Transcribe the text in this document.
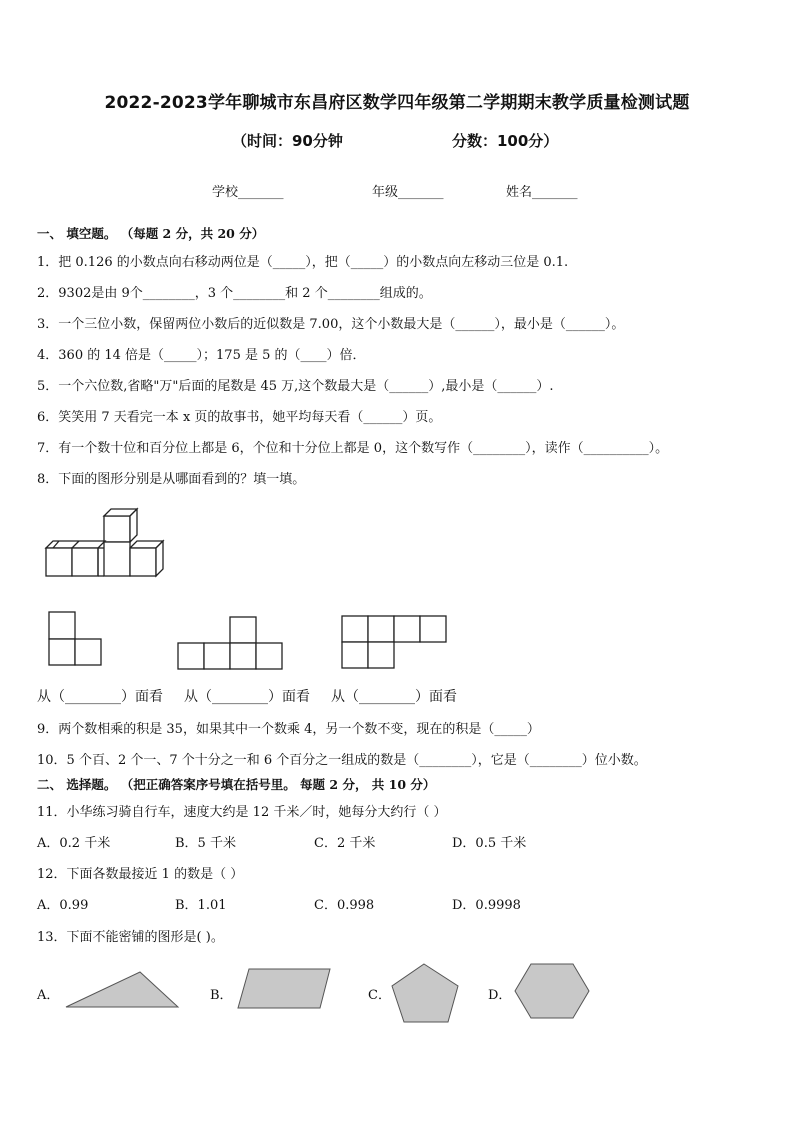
2022-2023学年聊城市东昌府区数学四年级第二学期期末教学质量检测试题
（时间：90分钟	分数：100分）
学校_______	年级_______	姓名_______
一、 填空题。 （每题 2 分，共 20 分）
1．把 0.126 的小数点向右移动两位是（_____），把（_____）的小数点向左移动三位是 0.1.
2．9302是由 9个________，3 个________和 2 个________组成的。
3．一个三位小数，保留两位小数后的近似数是 7.00，这个小数最大是（______），最小是（______）。
4．360 的 14 倍是（_____）；175 是 5 的（____）倍．
5．一个六位数,省略"万"后面的尾数是 45 万,这个数最大是（______）,最小是（______）.
6．笑笑用 7 天看完一本 x 页的故事书，她平均每天看（______）页。
7．有一个数十位和百分位上都是 6，个位和十分位上都是 0，这个数写作（________），读作（__________）。
8．下面的图形分别是从哪面看到的？填一填。
从（________）面看 从（________）面看 从（________）面看
9．两个数相乘的积是 35，如果其中一个数乘 4，另一个数不变，现在的积是（_____）
10．5 个百、2 个一、7 个十分之一和 6 个百分之一组成的数是（________），它是（________）位小数。
二、 选择题。 （把正确答案序号填在括号里。 每题 2 分， 共 10 分）
11．小华练习骑自行车，速度大约是 12 千米／时，她每分大约行（ ）
A．0.2 千米	B．5 千米	C．2 千米	D．0.5 千米
12．下面各数最接近 1 的数是（ ）
A．0.99	B．1.01	C．0.998	D．0.9998
13．下面不能密铺的图形是( )。
A．	B．	C．	D．
